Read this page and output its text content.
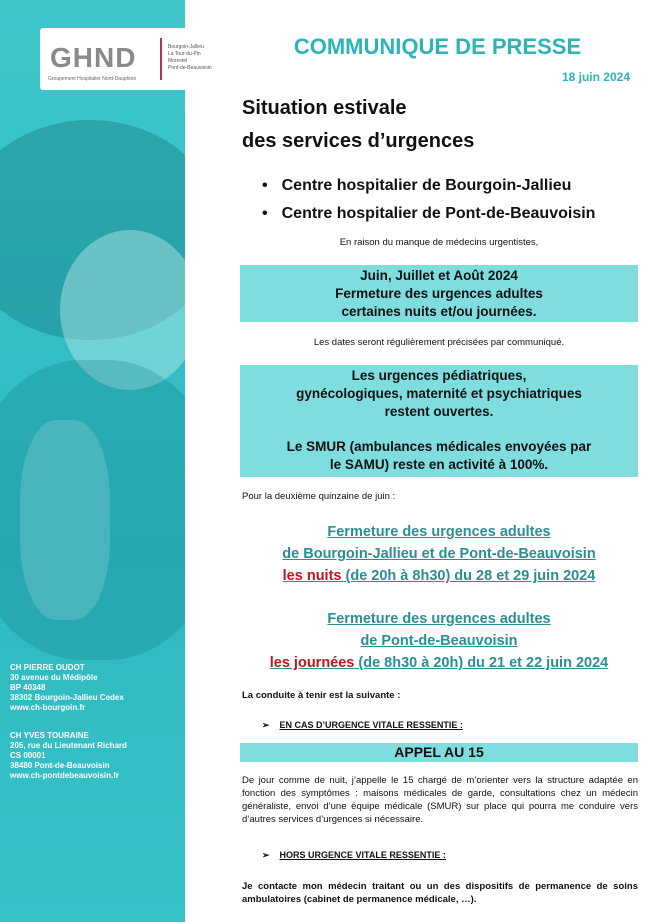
CH PIERRE OUDOT
30 avenue du Médipôle
BP 40348
38302 Bourgoin-Jallieu Cedex
www.ch-bourgoin.fr
CH YVES TOURAINE
205, rue du Lieutenant Richard
CS 00001
38480 Pont-de-Beauvoisin
www.ch-pontdebeauvoisin.fr
GHND
Groupement Hospitalier Nord-Dauphiné
Bourgoin-Jallieu
La Tour-du-Pin
Morestel
Pont-de-Beauvoisin
COMMUNIQUE DE PRESSE
18 juin 2024
Situation estivale
des services d’urgences
• Centre hospitalier de Bourgoin-Jallieu
• Centre hospitalier de Pont-de-Beauvoisin
En raison du manque de médecins urgentistes,
Juin, Juillet et Août 2024
Fermeture des urgences adultes
certaines nuits et/ou journées.
Les dates seront régulièrement précisées par communiqué.
Les urgences pédiatriques,
gynécologiques, maternité et psychiatriques
restent ouvertes.
Le SMUR (ambulances médicales envoyées par
le SAMU) reste en activité à 100%.
Pour la deuxième quinzaine de juin :
Fermeture des urgences adultes
de Bourgoin-Jallieu et de Pont-de-Beauvoisin
les nuits (de 20h à 8h30) du 28 et 29 juin 2024
Fermeture des urgences adultes
de Pont-de-Beauvoisin
les journées (de 8h30 à 20h) du 21 et 22 juin 2024
La conduite à tenir est la suivante :
➢ EN CAS D’URGENCE VITALE RESSENTIE :
APPEL AU 15
De jour comme de nuit, j’appelle le 15 chargé de m’orienter vers la structure adaptée en fonction des symptômes : maisons médicales de garde, consultations chez un médecin généraliste, envoi d’une équipe médicale (SMUR) sur place qui pourra me conduire vers d’autres services d’urgences si nécessaire.
➢ HORS URGENCE VITALE RESSENTIE :
Je contacte mon médecin traitant ou un des dispositifs de permanence de soins ambulatoires (cabinet de permanence médicale, …).
